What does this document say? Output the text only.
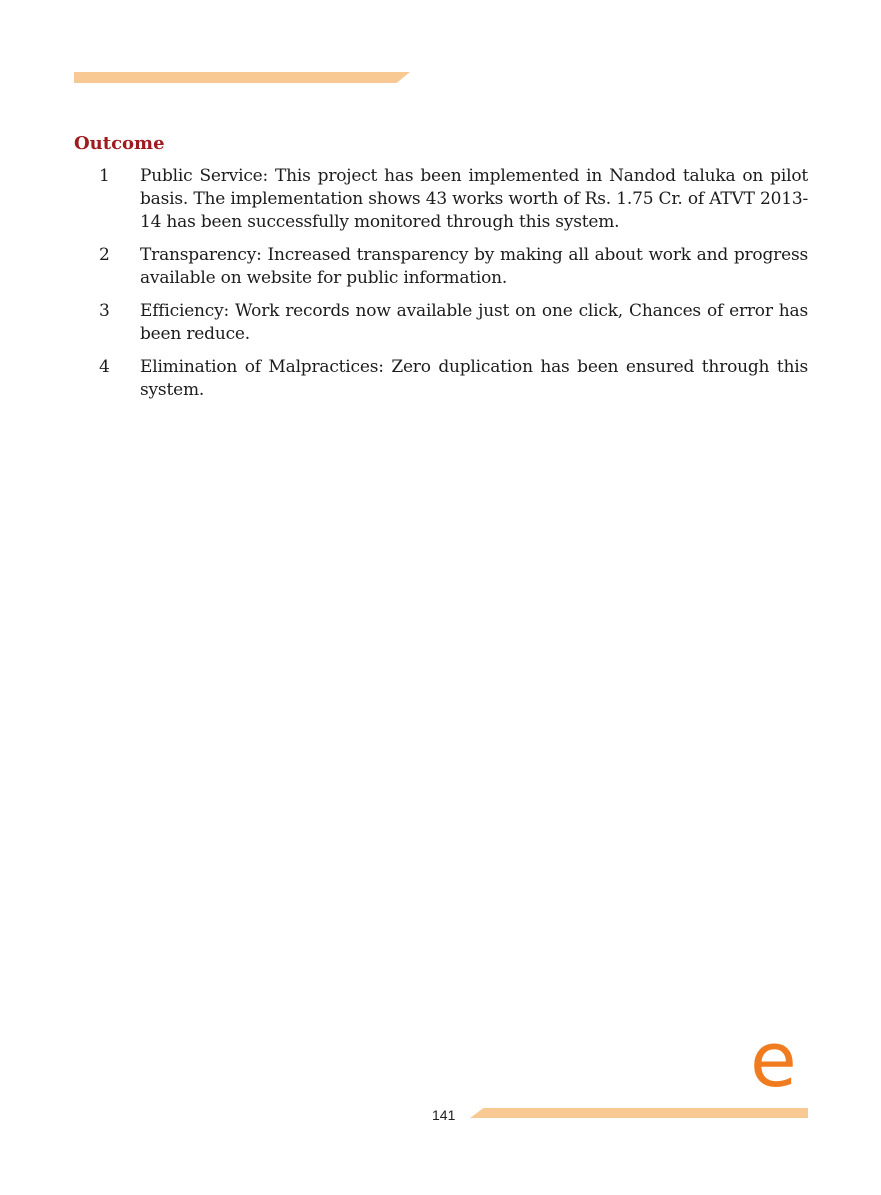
Outcome
1	Public Service: This project has been implemented in Nandod taluka on pilot basis. The implementation shows 43 works worth of Rs. 1.75 Cr. of ATVT 2013-14 has been successfully monitored through this system.
2	Transparency: Increased transparency by making all about work and progress available on website for public information.
3	Efficiency: Work records now available just on one click, Chances of error has been reduce.
4	Elimination of Malpractices: Zero duplication has been ensured through this system.
e
141
